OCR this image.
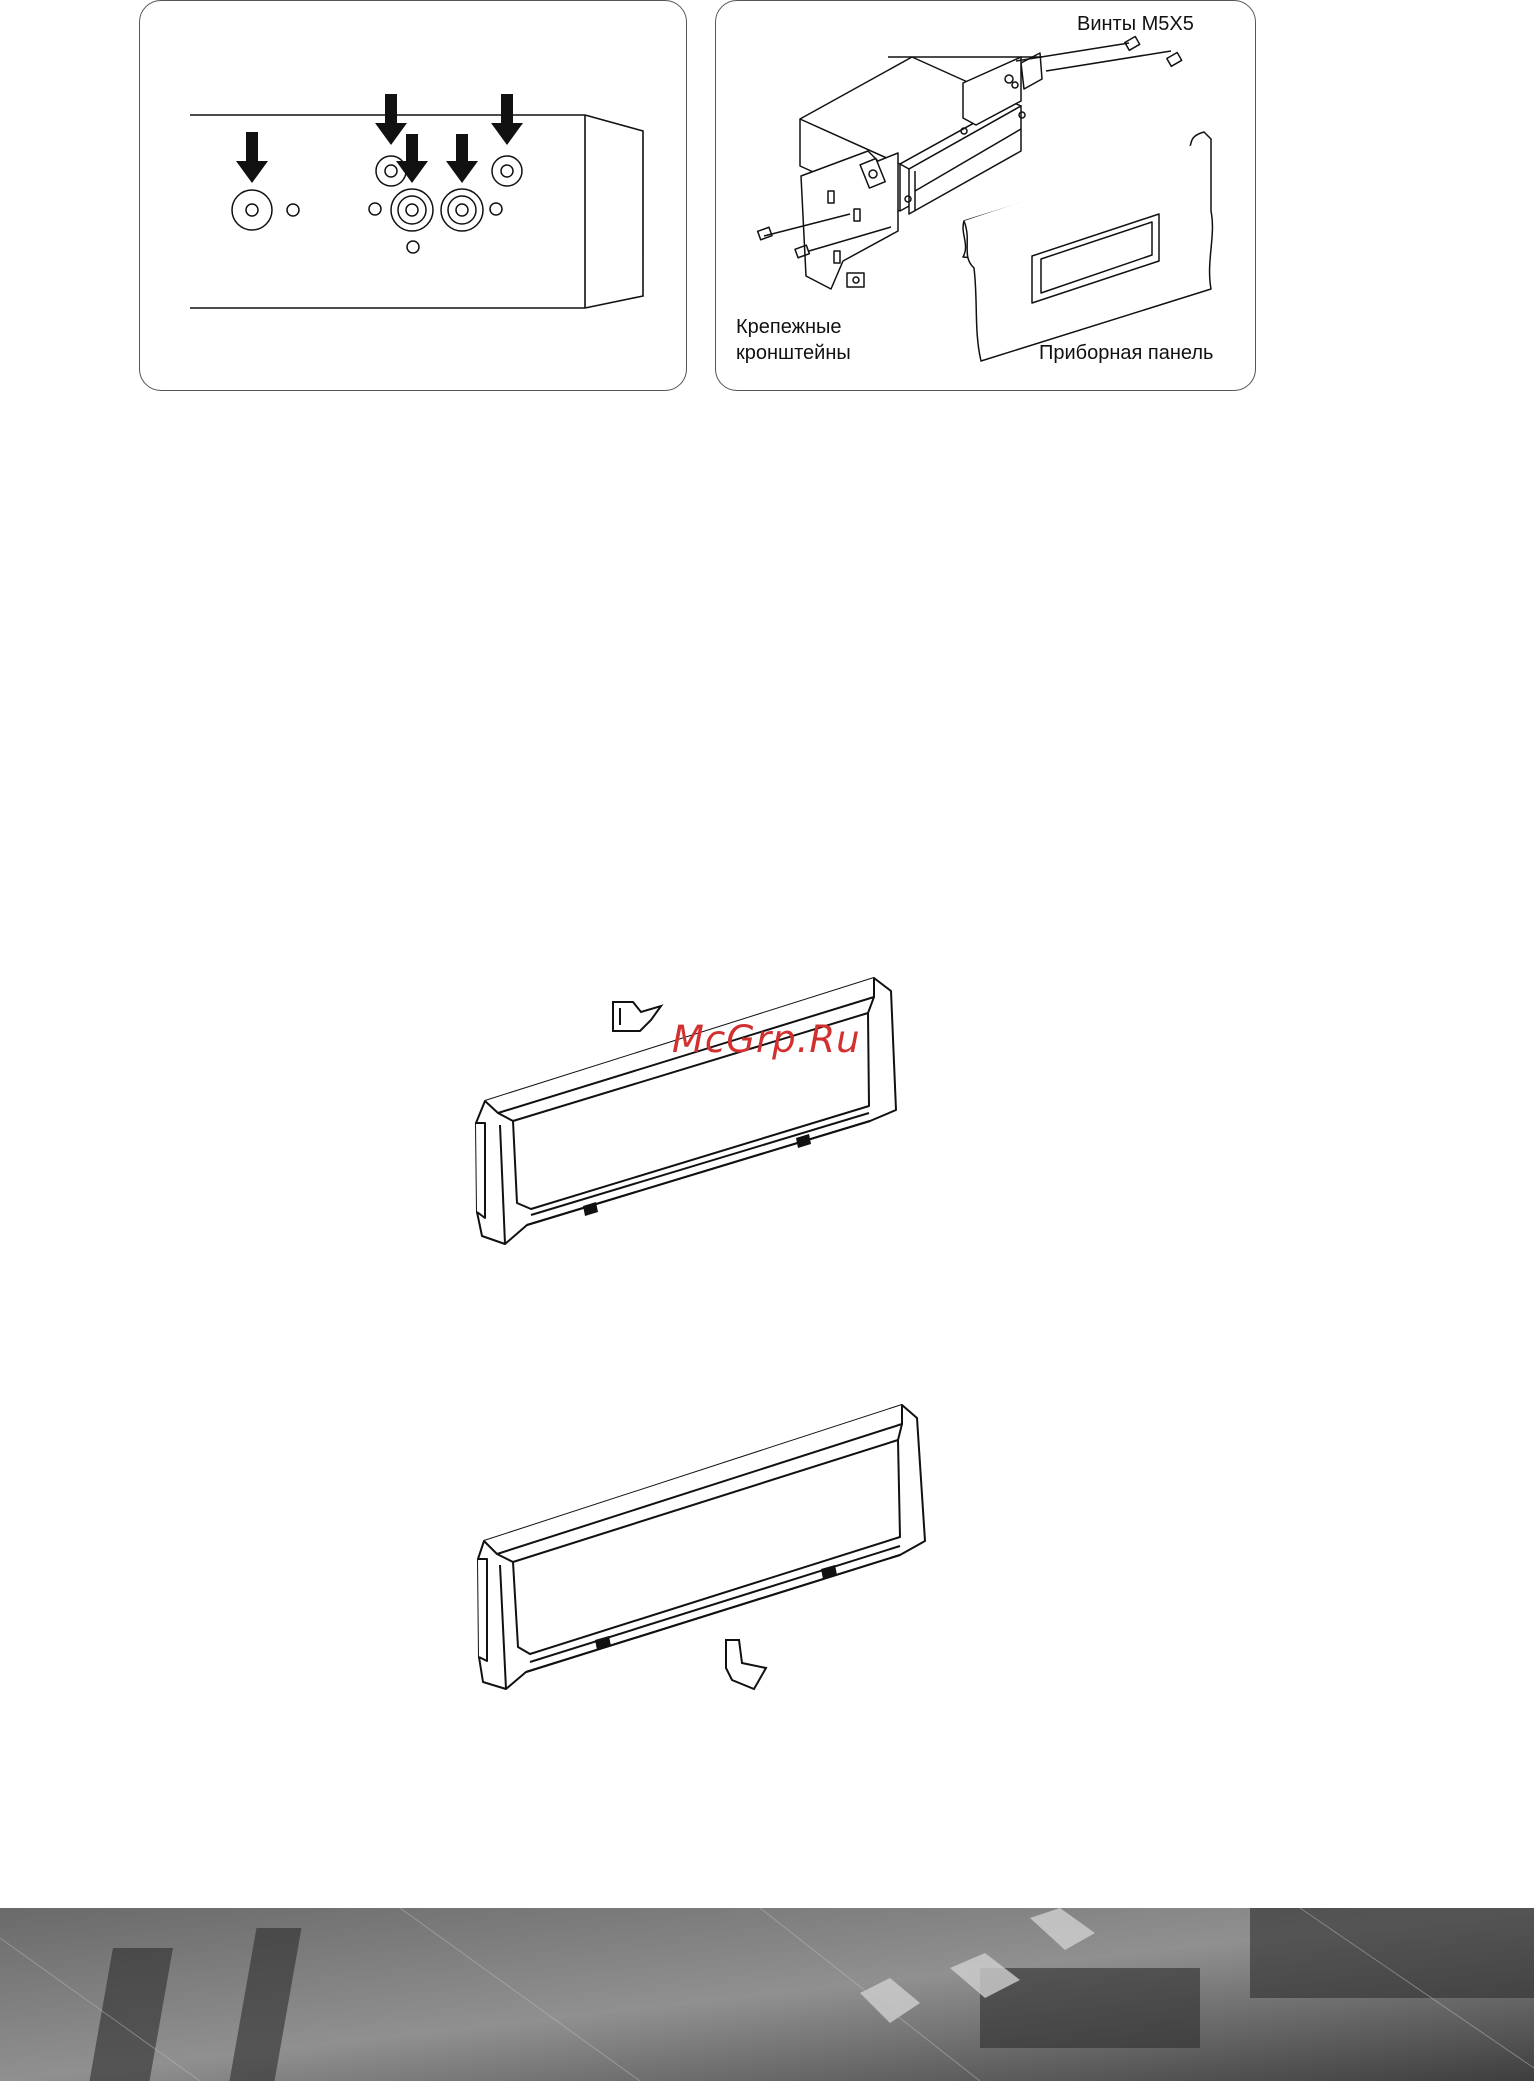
Винты М5Х5
Крепежные
кронштейны	Приборная панель
McGrp.Ru
